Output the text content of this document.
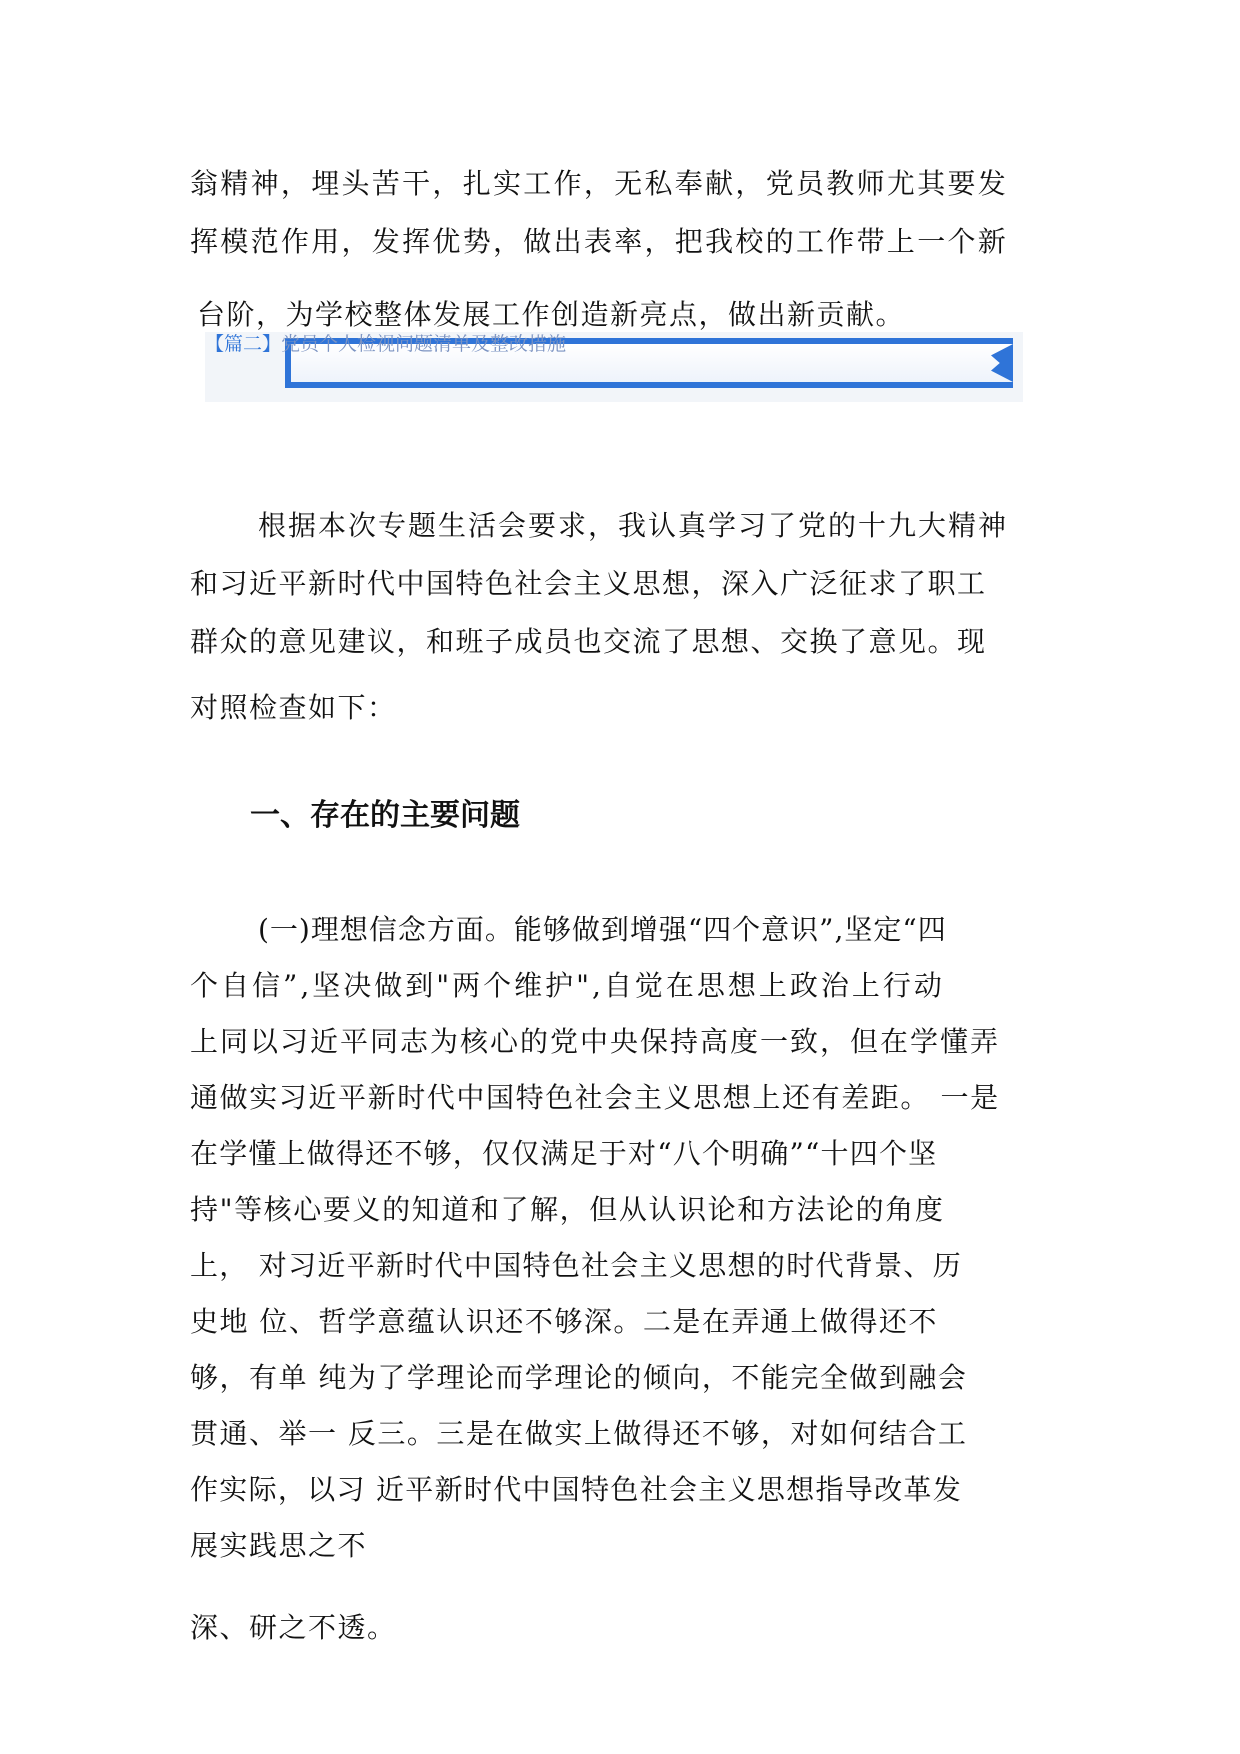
翁精神，埋头苦干，扎实工作，无私奉献，党员教师尤其要发
挥模范作用，发挥优势，做出表率，把我校的工作带上一个新
台阶，为学校整体发展工作创造新亮点，做出新贡献。
【篇二】党员个人检视问题清单及整改措施
根据本次专题生活会要求，我认真学习了党的十九大精神
和习近平新时代中国特色社会主义思想，深入广泛征求了职工
群众的意见建议，和班子成员也交流了思想、交换了意见。现
对照检查如下：
一、存在的主要问题
(一)理想信念方面。能够做到增强“四个意识”,坚定“四
个自信”,坚决做到"两个维护",自觉在思想上政治上行动
上同以习近平同志为核心的党中央保持高度一致，但在学懂弄
通做实习近平新时代中国特色社会主义思想上还有差距。 一是
在学懂上做得还不够，仅仅满足于对“八个明确”“十四个坚
持"等核心要义的知道和了解，但从认识论和方法论的角度
上， 对习近平新时代中国特色社会主义思想的时代背景、历
史地 位、哲学意蕴认识还不够深。二是在弄通上做得还不
够，有单 纯为了学理论而学理论的倾向，不能完全做到融会
贯通、举一 反三。三是在做实上做得还不够，对如何结合工
作实际，以习 近平新时代中国特色社会主义思想指导改革发
展实践思之不
深、研之不透。
